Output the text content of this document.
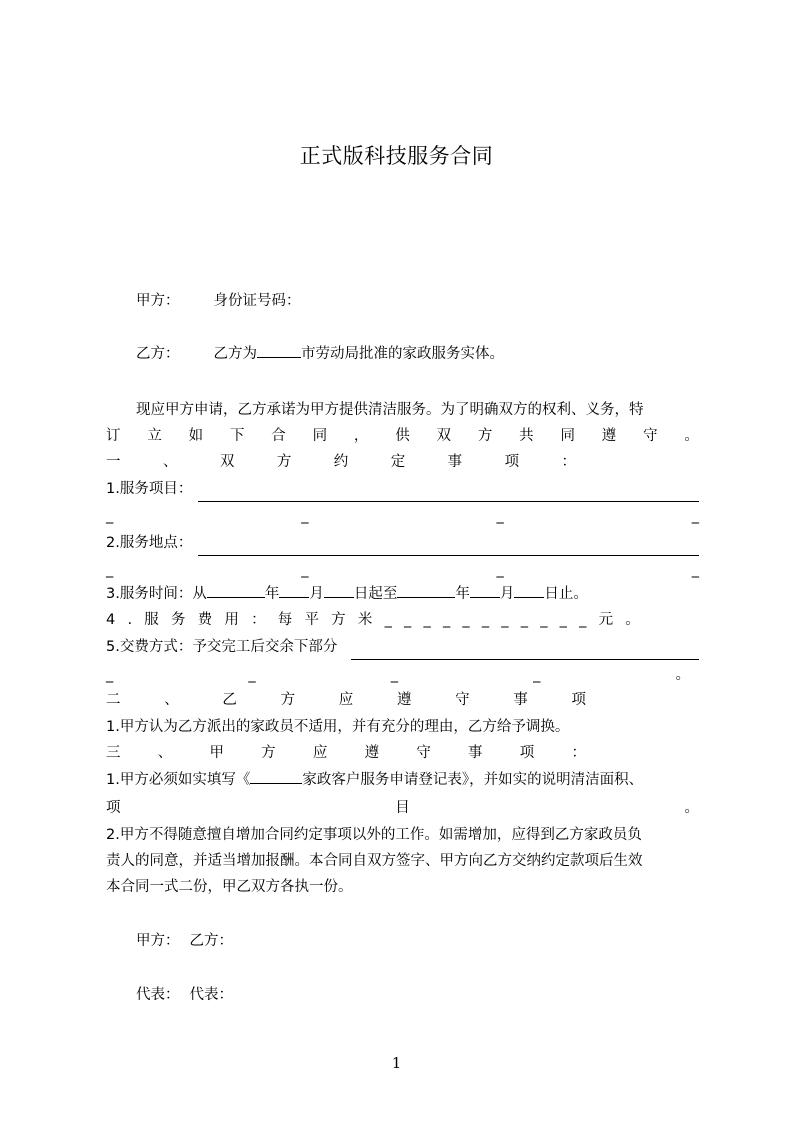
正式版科技服务合同
甲方： 身份证号码：
乙方： 乙方为	市劳动局批准的家政服务实体。
现应甲方申请，乙方承诺为甲方提供清洁服务。为了明确双方的权利、义务，特
订 立 如 下 合 同 ， 供 双 方 共 同 遵 守 。
一	、	双	方	约	定	事	项	：
1.服务项目：
_	_	_	_
2.服务地点：
_	_	_	_
3.服务时间：从	年 月 日起至	年 月 日止。
4 . 服 务 费 用 ： 每 平 方 米 _ _ _ _ _ _ _ _ _ _ _ 元 。
5.交费方式：予交完工后交余下部分
_	_	_	_	。
二	、	乙	方	应	遵	守	事	项
1.甲方认为乙方派出的家政员不适用，并有充分的理由，乙方给予调换。
三	、	甲	方	应	遵	守	事	项	：
1.甲方必须如实填写《	家政客户服务申请登记表》，并如实的说明清洁面积、
项	目	。
2.甲方不得随意擅自增加合同约定事项以外的工作。如需增加，应得到乙方家政员负
责人的同意，并适当增加报酬。本合同自双方签字、甲方向乙方交纳约定款项后生效
本合同一式二份，甲乙双方各执一份。
甲方： 乙方：
代表： 代表：
1
